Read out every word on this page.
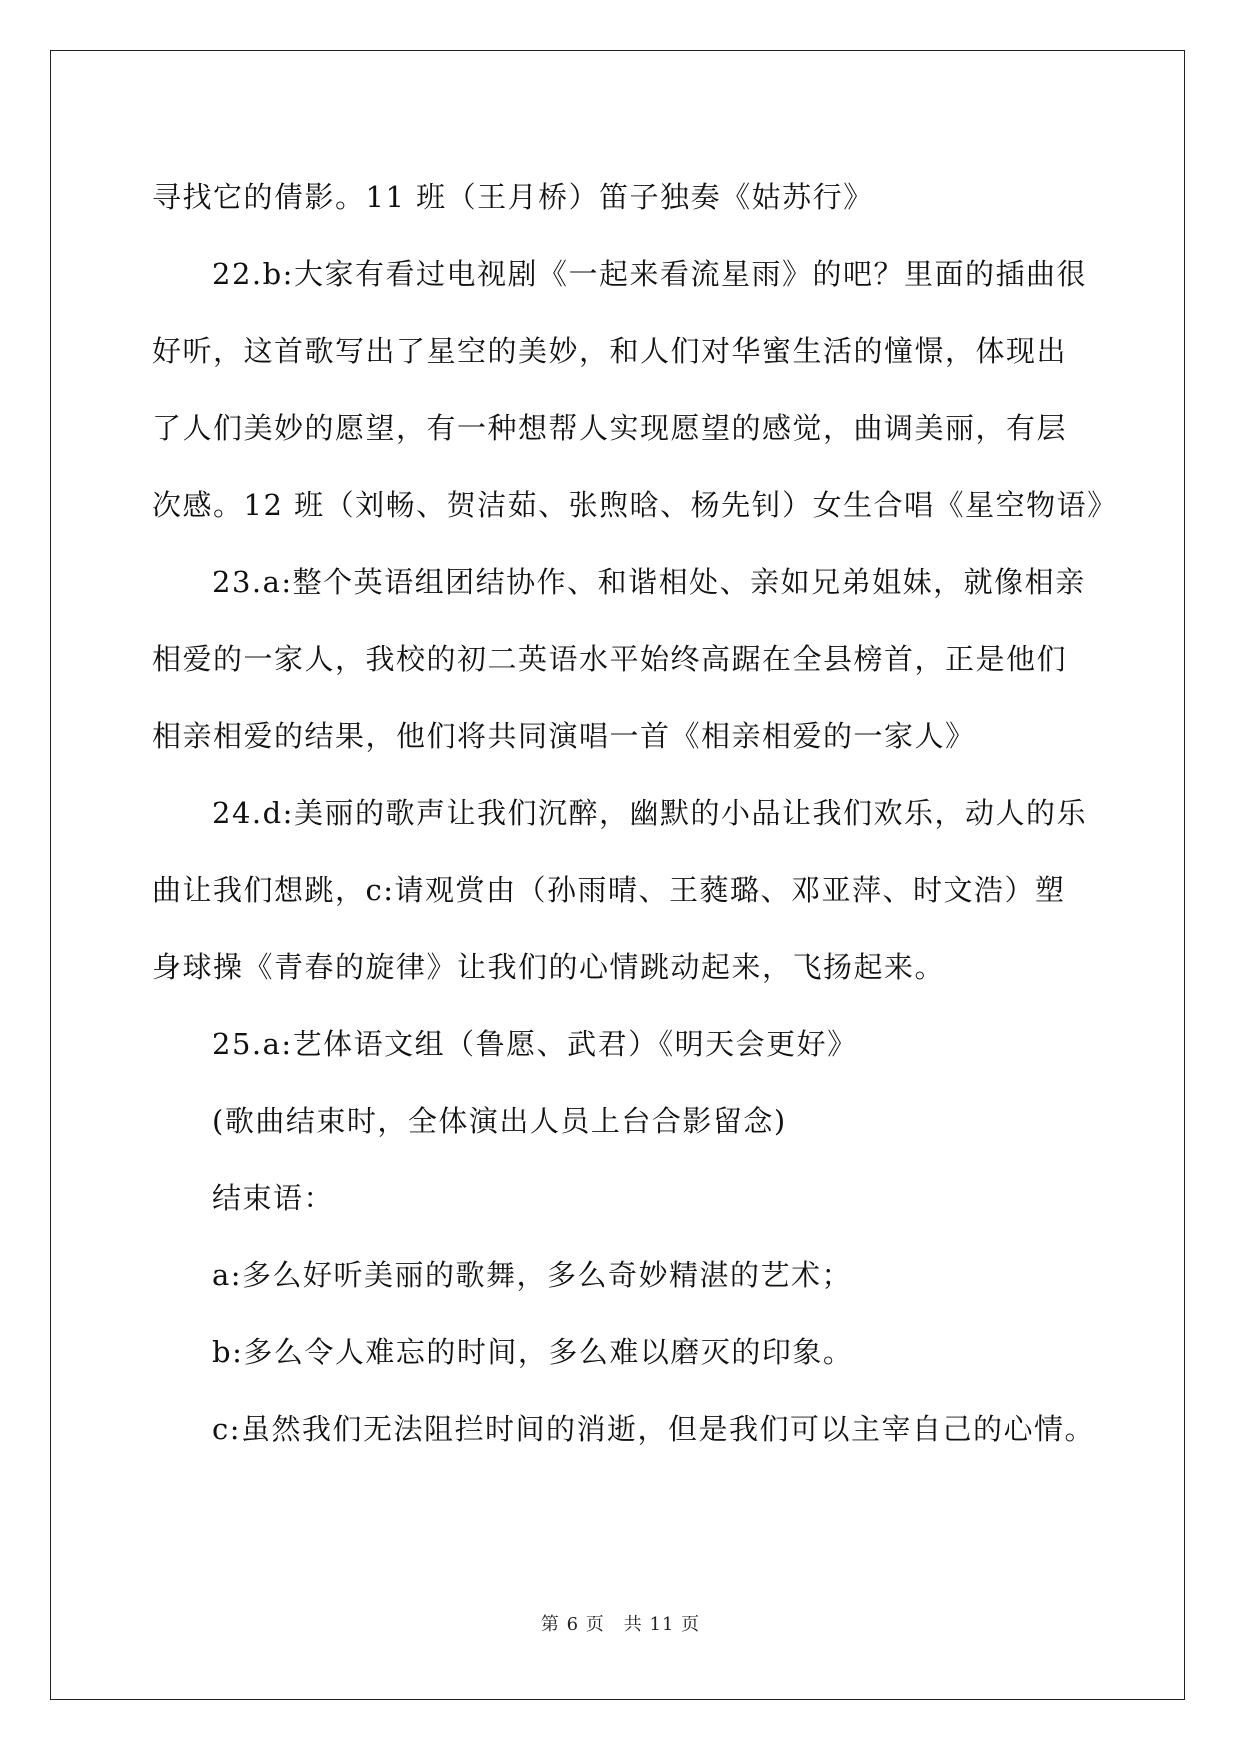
寻找它的倩影。11 班（王月桥）笛子独奏《姑苏行》

22.b:大家有看过电视剧《一起来看流星雨》的吧？里面的插曲很

好听，这首歌写出了星空的美妙，和人们对华蜜生活的憧憬，体现出

了人们美妙的愿望，有一种想帮人实现愿望的感觉，曲调美丽，有层

次感。12 班（刘畅、贺洁茹、张煦晗、杨先钊）女生合唱《星空物语》

23.a:整个英语组团结协作、和谐相处、亲如兄弟姐妹，就像相亲

相爱的一家人，我校的初二英语水平始终高踞在全县榜首，正是他们

相亲相爱的结果，他们将共同演唱一首《相亲相爱的一家人》

24.d:美丽的歌声让我们沉醉，幽默的小品让我们欢乐，动人的乐

曲让我们想跳，c:请观赏由（孙雨晴、王蕤璐、邓亚萍、时文浩）塑

身球操《青春的旋律》让我们的心情跳动起来，飞扬起来。

25.a:艺体语文组（鲁愿、武君）《明天会更好》

(歌曲结束时，全体演出人员上台合影留念)

结束语：

a:多么好听美丽的歌舞，多么奇妙精湛的艺术；

b:多么令人难忘的时间，多么难以磨灭的印象。

c:虽然我们无法阻拦时间的消逝，但是我们可以主宰自己的心情。

第 6 页　共 11 页
